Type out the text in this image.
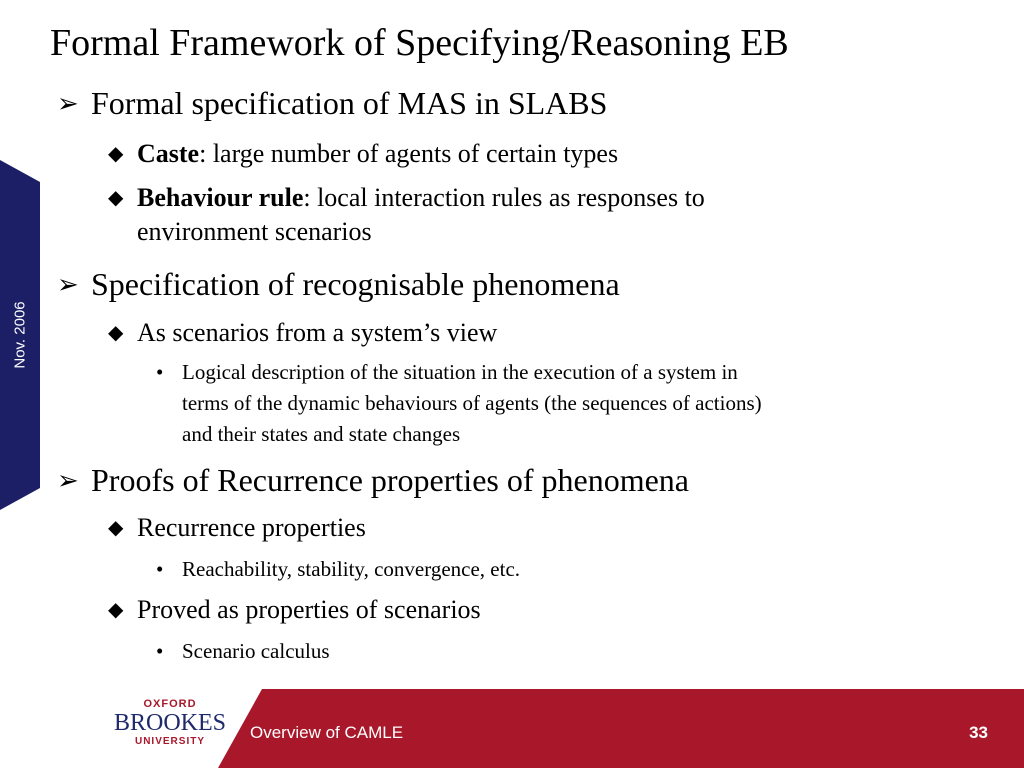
Nov. 2006
Formal Framework of Specifying/Reasoning EB
➢ Formal specification of MAS in SLABS
◆ Caste: large number of agents of certain types
◆ Behaviour rule: local interaction rules as responses to
environment scenarios
➢ Specification of recognisable phenomena
◆ As scenarios from a system’s view
• Logical description of the situation in the execution of a system in
terms of the dynamic behaviours of agents (the sequences of actions)
and their states and state changes
➢ Proofs of Recurrence properties of phenomena
◆ Recurrence properties
• Reachability, stability, convergence, etc.
◆ Proved as properties of scenarios
• Scenario calculus
OXFORD
BROOKES
UNIVERSITY	Overview of CAMLE	33
